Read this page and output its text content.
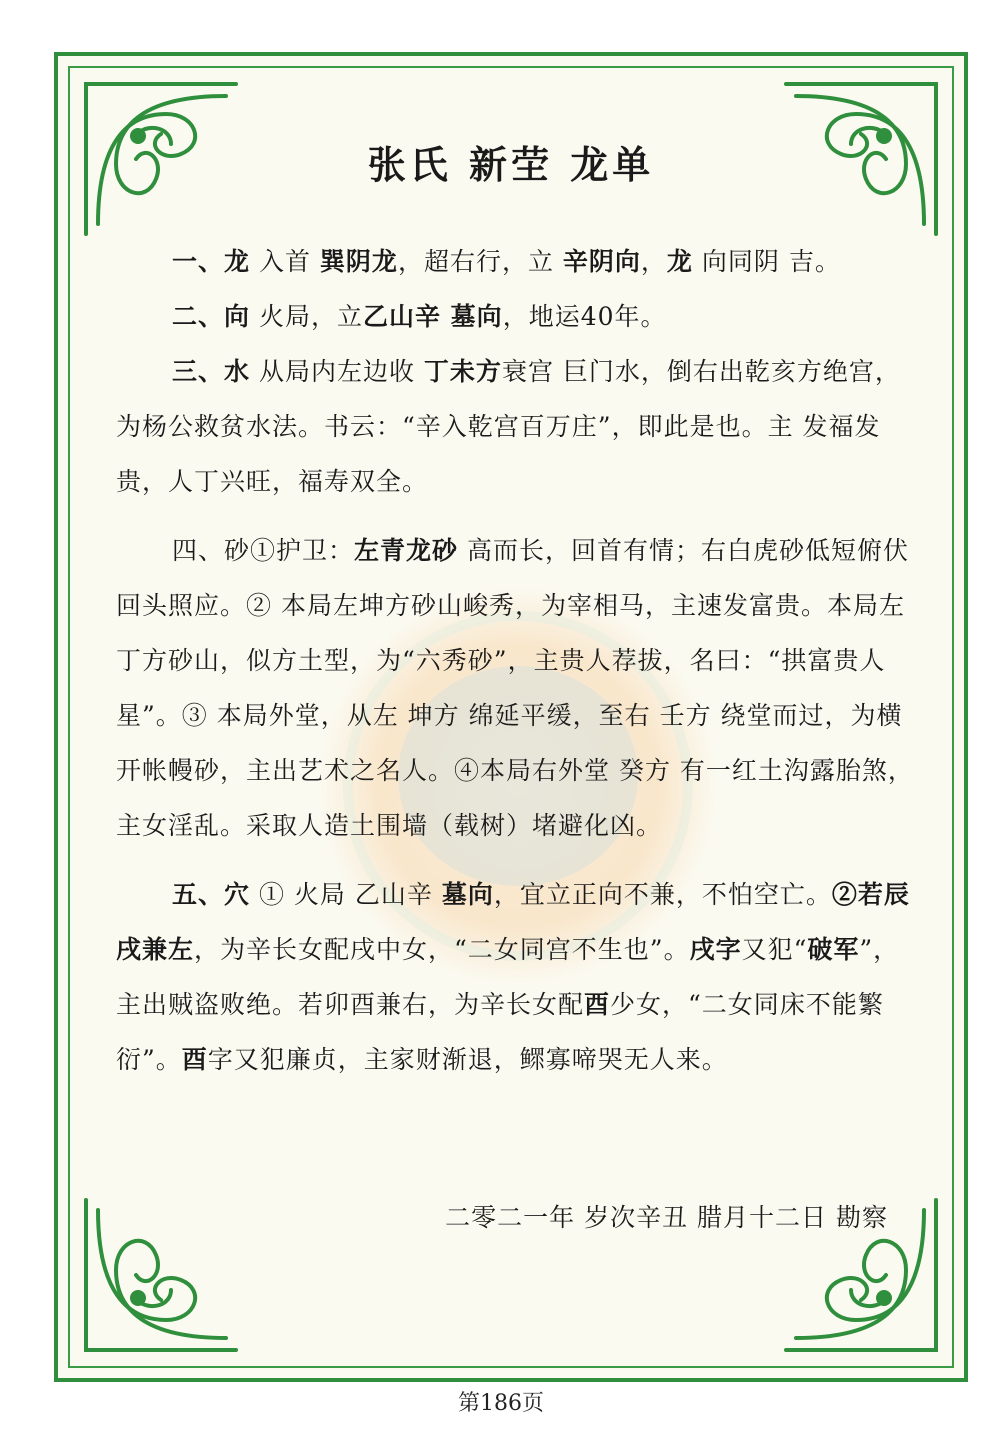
张氏 新茔 龙单

一、龙 入首 巽阴龙，超右行，立 辛阴向，龙 向同阴 吉。

二、向 火局，立乙山辛 墓向，地运40年。

三、水 从局内左边收 丁未方衰宫 巨门水，倒右出乾亥方绝宫，为杨公救贫水法。书云：“辛入乾宫百万庄”，即此是也。主 发福发贵，人丁兴旺，福寿双全。

四、砂①护卫：左青龙砂 高而长，回首有情；右白虎砂低短俯伏回头照应。② 本局左坤方砂山峻秀，为宰相马，主速发富贵。本局左丁方砂山，似方土型，为“六秀砂”，主贵人荐拔，名曰：“拱富贵人星”。③ 本局外堂，从左 坤方 绵延平缓，至右 壬方 绕堂而过，为横开帐幔砂，主出艺术之名人。④本局右外堂 癸方 有一红土沟露胎煞，主女淫乱。采取人造土围墙（载树）堵避化凶。

五、穴 ① 火局 乙山辛 墓向，宜立正向不兼，不怕空亡。②若辰戌兼左，为辛长女配戌中女，“二女同宫不生也”。戌字又犯“破军”，主出贼盗败绝。若卯酉兼右，为辛长女配酉少女，“二女同床不能繁衍”。酉字又犯廉贞，主家财渐退，鳏寡啼哭无人来。

二零二一年 岁次辛丑 腊月十二日 勘察
第186页
